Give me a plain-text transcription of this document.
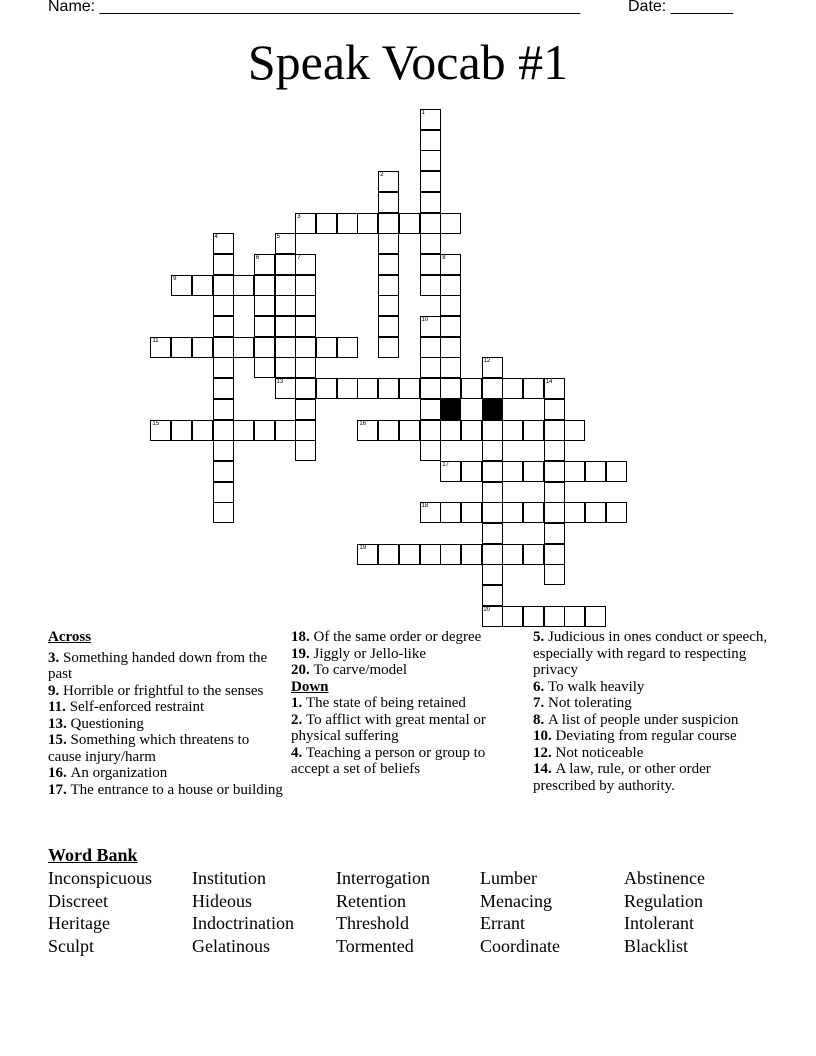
Name: ______________________________________________________	Date: _______
Speak Vocab #1
1
2
3
4	5
6	7	8
9
10
11
12
13	14
15	16
17
18
19
20
Across
3. Something handed down from the past
9. Horrible or frightful to the senses
11. Self-enforced restraint
13. Questioning
15. Something which threatens to cause injury/harm
16. An organization
17. The entrance to a house or building
18. Of the same order or degree
19. Jiggly or Jello-like
20. To carve/model
Down
1. The state of being retained
2. To afflict with great mental or physical suffering
4. Teaching a person or group to accept a set of beliefs
5. Judicious in ones conduct or speech, especially with regard to respecting privacy
6. To walk heavily
7. Not tolerating
8. A list of people under suspicion
10. Deviating from regular course
12. Not noticeable
14. A law, rule, or other order prescribed by authority.
Word Bank
Inconspicuous	Institution	Interrogation	Lumber	Abstinence
Discreet	Hideous	Retention	Menacing	Regulation
Heritage	Indoctrination	Threshold	Errant	Intolerant
Sculpt	Gelatinous	Tormented	Coordinate	Blacklist
